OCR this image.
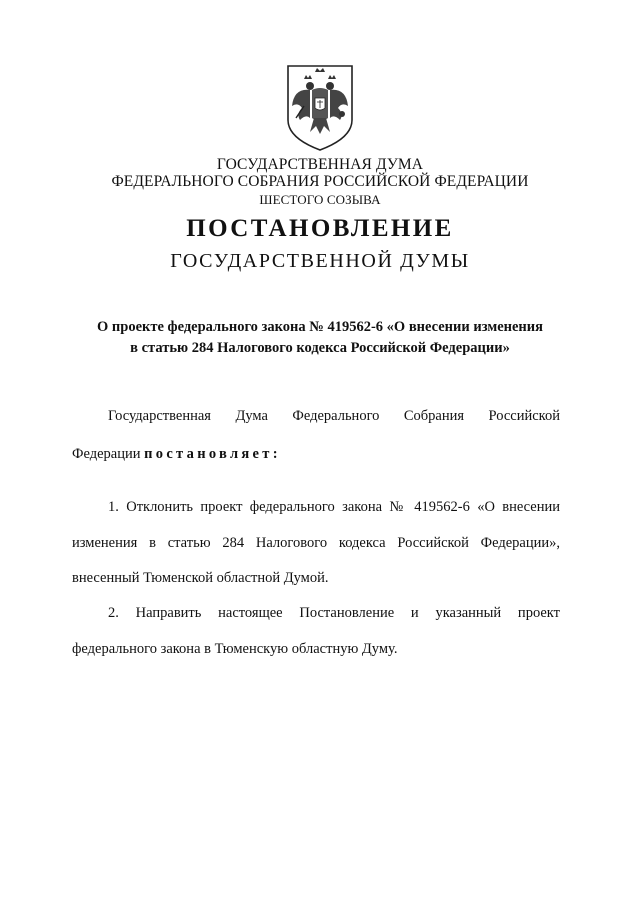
ГОСУДАРСТВЕННАЯ ДУМА
ФЕДЕРАЛЬНОГО СОБРАНИЯ РОССИЙСКОЙ ФЕДЕРАЦИИ
ШЕСТОГО СОЗЫВА
ПОСТАНОВЛЕНИЕ
ГОСУДАРСТВЕННОЙ ДУМЫ
О проекте федерального закона № 419562-6 «О внесении изменения
в статью 284 Налогового кодекса Российской Федерации»
Государственная Дума Федерального Собрания Российской
Федерации постановляет:
1. Отклонить проект федерального закона № 419562-6 «О внесении
изменения в статью 284 Налогового кодекса Российской Федерации»,
внесенный Тюменской областной Думой.
2. Направить настоящее Постановление и указанный проект
федерального закона в Тюменскую областную Думу.
